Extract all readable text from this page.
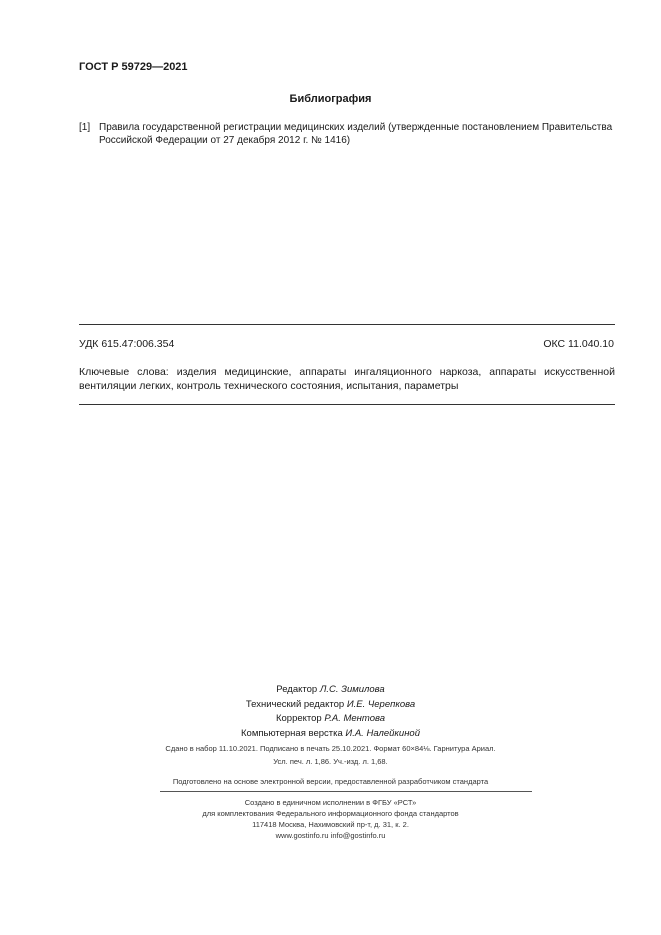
ГОСТ Р 59729—2021
Библиография
[1] Правила государственной регистрации медицинских изделий (утвержденные постановлением Правительства Российской Федерации от 27 декабря 2012 г. № 1416)
УДК 615.47:006.354	ОКС 11.040.10
Ключевые слова: изделия медицинские, аппараты ингаляционного наркоза, аппараты искусственной вентиляции легких, контроль технического состояния, испытания, параметры
Редактор Л.С. Зимилова
Технический редактор И.Е. Черепкова
Корректор Р.А. Ментова
Компьютерная верстка И.А. Налейкиной
Сдано в набор 11.10.2021. Подписано в печать 25.10.2021. Формат 60×84⅛. Гарнитура Ариал.
Усл. печ. л. 1,86. Уч.-изд. л. 1,68.
Подготовлено на основе электронной версии, предоставленной разработчиком стандарта
Создано в единичном исполнении в ФГБУ «РСТ»
для комплектования Федерального информационного фонда стандартов
117418 Москва, Нахимовский пр-т, д. 31, к. 2.
www.gostinfo.ru info@gostinfo.ru
